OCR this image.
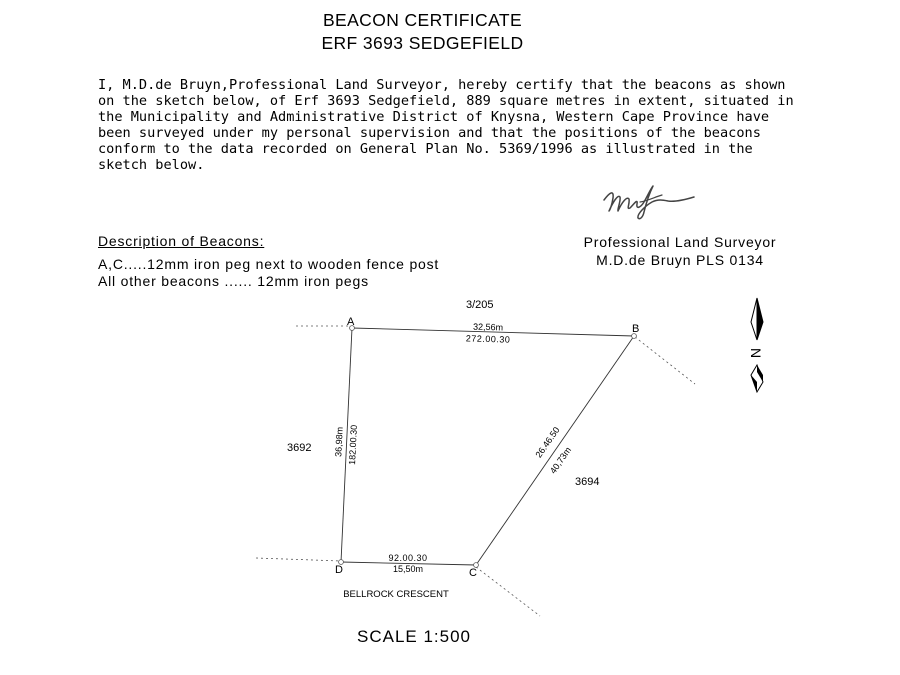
BEACON CERTIFICATE
ERF 3693 SEDGEFIELD
I, M.D.de Bruyn,Professional Land Surveyor, hereby certify that the beacons as shown
on the sketch below, of Erf 3693 Sedgefield, 889 square metres in extent, situated in
the Municipality and Administrative District of Knysna, Western Cape Province have
been surveyed under my personal supervision and that the positions of the beacons
conform to the data recorded on General Plan No. 5369/1996 as illustrated in the
sketch below.
Professional Land Surveyor
M.D.de Bruyn PLS 0134
Description of Beacons:
A,C.....12mm iron peg next to wooden fence post
All other beacons ...... 12mm iron pegs
A
B
C
D
3/205
3692
3694
32,56m
272.00.30
26.46.50
40,73m
92.00.30
15,50m
36,98m 182.00.30
BELLROCK CRESCENT
N
SCALE 1:500
